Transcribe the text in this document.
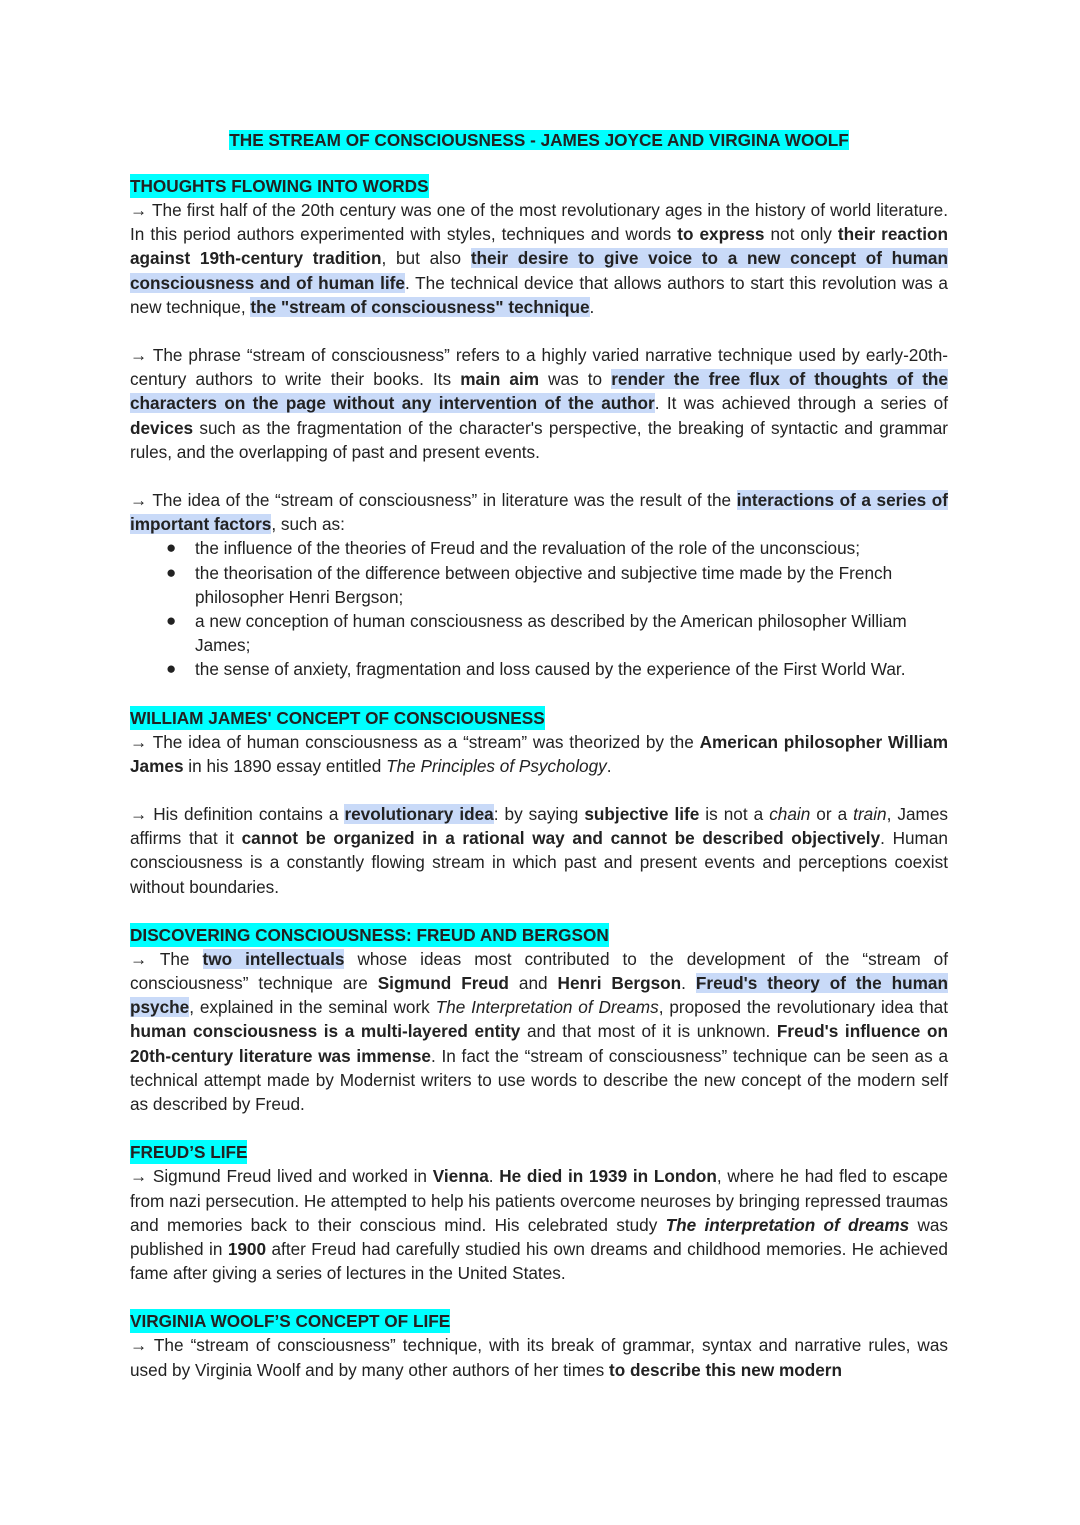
THE STREAM OF CONSCIOUSNESS - JAMES JOYCE AND VIRGINA WOOLF
THOUGHTS FLOWING INTO WORDS

→ The first half of the 20th century was one of the most revolutionary ages in the history of world literature. In this period authors experimented with styles, techniques and words to express not only their reaction against 19th-century tradition, but also their desire to give voice to a new concept of human consciousness and of human life. The technical device that allows authors to start this revolution was a new technique, the "stream of consciousness" technique.

→ The phrase “stream of consciousness” refers to a highly varied narrative technique used by early-20th-century authors to write their books. Its main aim was to render the free flux of thoughts of the characters on the page without any intervention of the author. It was achieved through a series of devices such as the fragmentation of the character's perspective, the breaking of syntactic and grammar rules, and the overlapping of past and present events.

→ The idea of the “stream of consciousness” in literature was the result of the interactions of a series of important factors, such as:

● the influence of the theories of Freud and the revaluation of the role of the unconscious;
● the theorisation of the difference between objective and subjective time made by the French philosopher Henri Bergson;
● a new conception of human consciousness as described by the American philosopher William James;
● the sense of anxiety, fragmentation and loss caused by the experience of the First World War.
WILLIAM JAMES' CONCEPT OF CONSCIOUSNESS

→ The idea of human consciousness as a “stream” was theorized by the American philosopher William James in his 1890 essay entitled The Principles of Psychology.

→ His definition contains a revolutionary idea: by saying subjective life is not a chain or a train, James affirms that it cannot be organized in a rational way and cannot be described objectively. Human consciousness is a constantly flowing stream in which past and present events and perceptions coexist without boundaries.

DISCOVERING CONSCIOUSNESS: FREUD AND BERGSON

→ The two intellectuals whose ideas most contributed to the development of the “stream of consciousness” technique are Sigmund Freud and Henri Bergson. Freud's theory of the human psyche, explained in the seminal work The Interpretation of Dreams, proposed the revolutionary idea that human consciousness is a multi-layered entity and that most of it is unknown. Freud's influence on 20th-century literature was immense. In fact the “stream of consciousness” technique can be seen as a technical attempt made by Modernist writers to use words to describe the new concept of the modern self as described by Freud.

FREUD’S LIFE

→ Sigmund Freud lived and worked in Vienna. He died in 1939 in London, where he had fled to escape from nazi persecution. He attempted to help his patients overcome neuroses by bringing repressed traumas and memories back to their conscious mind. His celebrated study The interpretation of dreams was published in 1900 after Freud had carefully studied his own dreams and childhood memories. He achieved fame after giving a series of lectures in the United States.

VIRGINIA WOOLF’S CONCEPT OF LIFE

→ The “stream of consciousness” technique, with its break of grammar, syntax and narrative rules, was used by Virginia Woolf and by many other authors of her times to describe this new modern
